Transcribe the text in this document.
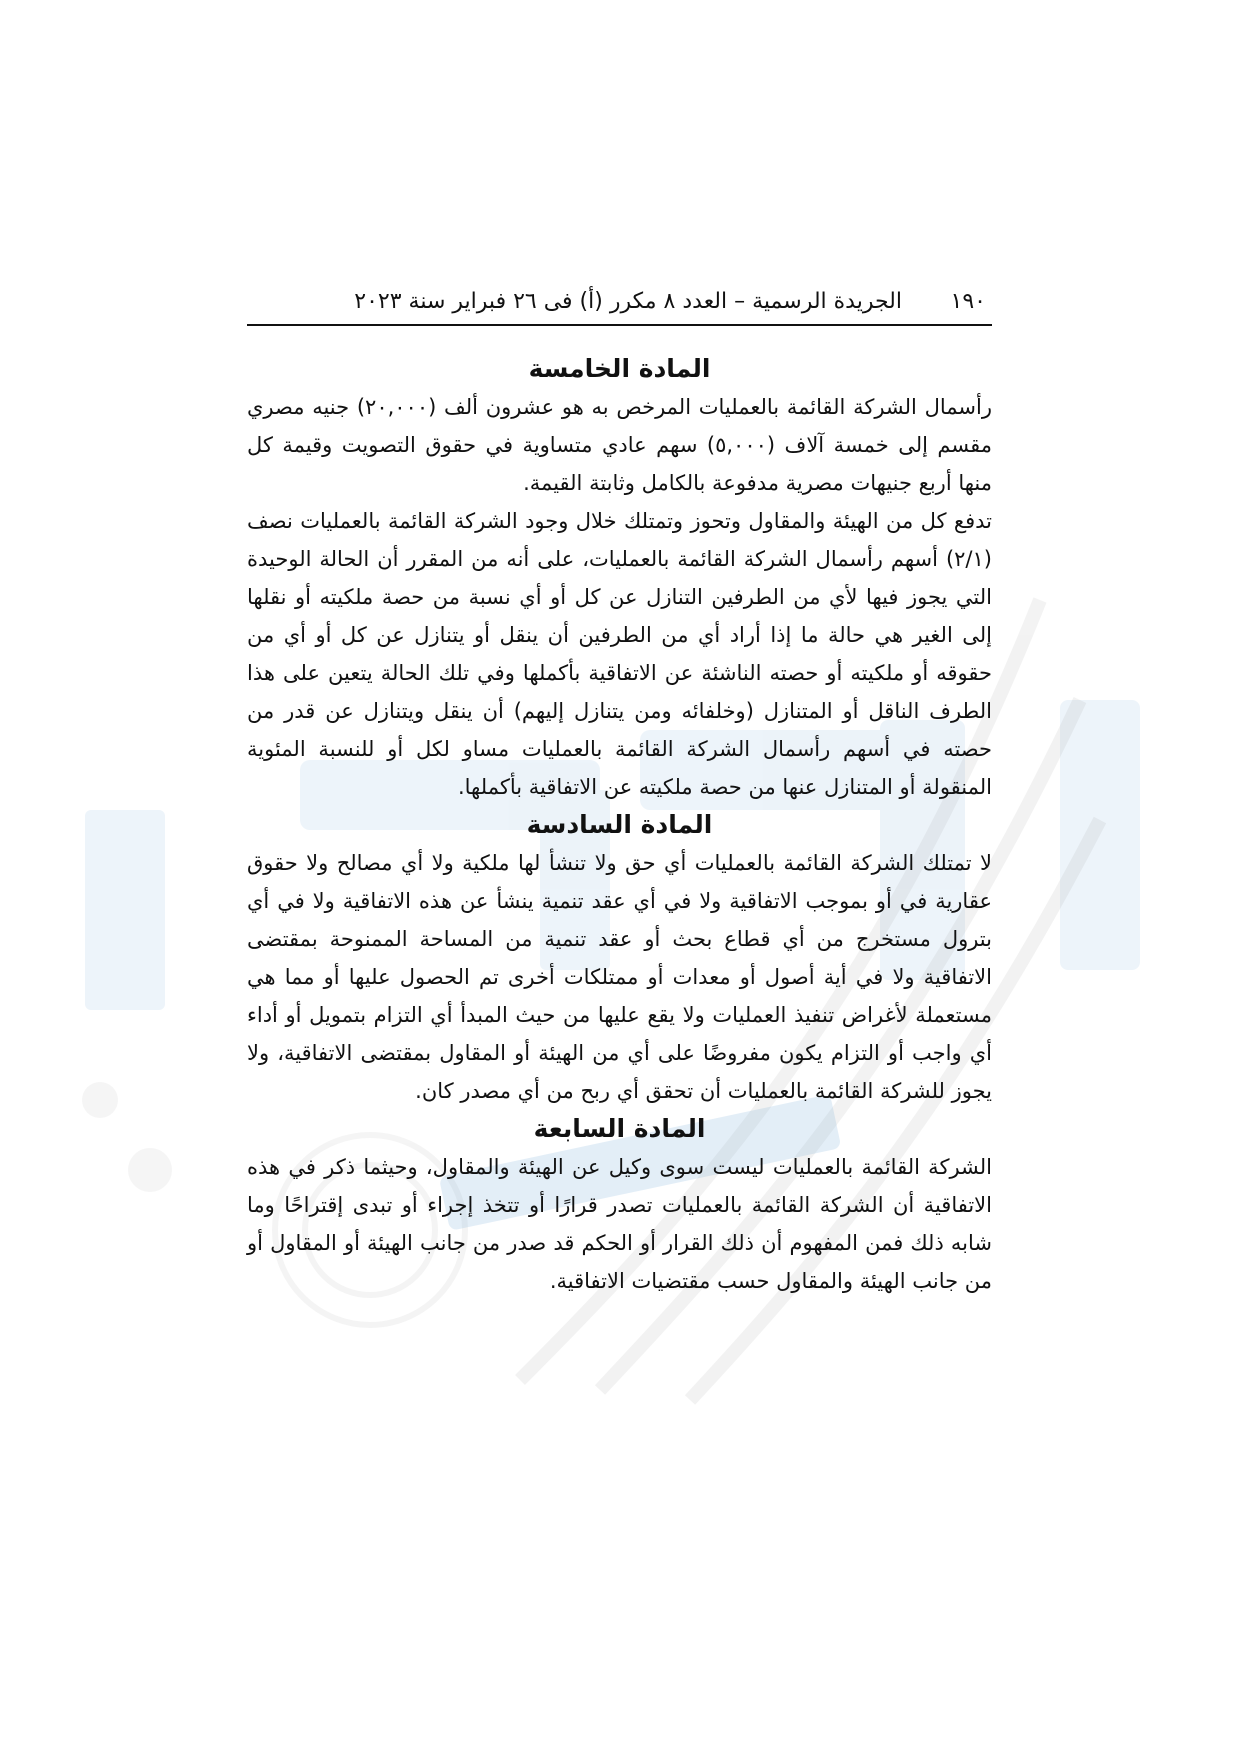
١٩٠
الجريدة الرسمية – العدد ٨ مكرر (أ) فى ٢٦ فبراير سنة ٢٠٢٣
المادة الخامسة

رأسمال الشركة القائمة بالعمليات المرخص به هو عشرون ألف (٢٠,٠٠٠) جنيه مصري مقسم إلى خمسة آلاف (٥,٠٠٠) سهم عادي متساوية في حقوق التصويت وقيمة كل منها أربع جنيهات مصرية مدفوعة بالكامل وثابتة القيمة.

تدفع كل من الهيئة والمقاول وتحوز وتمتلك خلال وجود الشركة القائمة بالعمليات نصف (٢/١) أسهم رأسمال الشركة القائمة بالعمليات، على أنه من المقرر أن الحالة الوحيدة التي يجوز فيها لأي من الطرفين التنازل عن كل أو أي نسبة من حصة ملكيته أو نقلها إلى الغير هي حالة ما إذا أراد أي من الطرفين أن ينقل أو يتنازل عن كل أو أي من حقوقه أو ملكيته أو حصته الناشئة عن الاتفاقية بأكملها وفي تلك الحالة يتعين على هذا الطرف الناقل أو المتنازل (وخلفائه ومن يتنازل إليهم) أن ينقل ويتنازل عن قدر من حصته في أسهم رأسمال الشركة القائمة بالعمليات مساو لكل أو للنسبة المئوية المنقولة أو المتنازل عنها من حصة ملكيته عن الاتفاقية بأكملها.

المادة السادسة

لا تمتلك الشركة القائمة بالعمليات أي حق ولا تنشأ لها ملكية ولا أي مصالح ولا حقوق عقارية في أو بموجب الاتفاقية ولا في أي عقد تنمية ينشأ عن هذه الاتفاقية ولا في أي بترول مستخرج من أي قطاع بحث أو عقد تنمية من المساحة الممنوحة بمقتضى الاتفاقية ولا في أية أصول أو معدات أو ممتلكات أخرى تم الحصول عليها أو مما هي مستعملة لأغراض تنفيذ العمليات ولا يقع عليها من حيث المبدأ أي التزام بتمويل أو أداء أي واجب أو التزام يكون مفروضًا على أي من الهيئة أو المقاول بمقتضى الاتفاقية، ولا يجوز للشركة القائمة بالعمليات أن تحقق أي ربح من أي مصدر كان.

المادة السابعة

الشركة القائمة بالعمليات ليست سوى وكيل عن الهيئة والمقاول، وحيثما ذكر في هذه الاتفاقية أن الشركة القائمة بالعمليات تصدر قرارًا أو تتخذ إجراء أو تبدى إقتراحًا وما شابه ذلك فمن المفهوم أن ذلك القرار أو الحكم قد صدر من جانب الهيئة أو المقاول أو من جانب الهيئة والمقاول حسب مقتضيات الاتفاقية.
